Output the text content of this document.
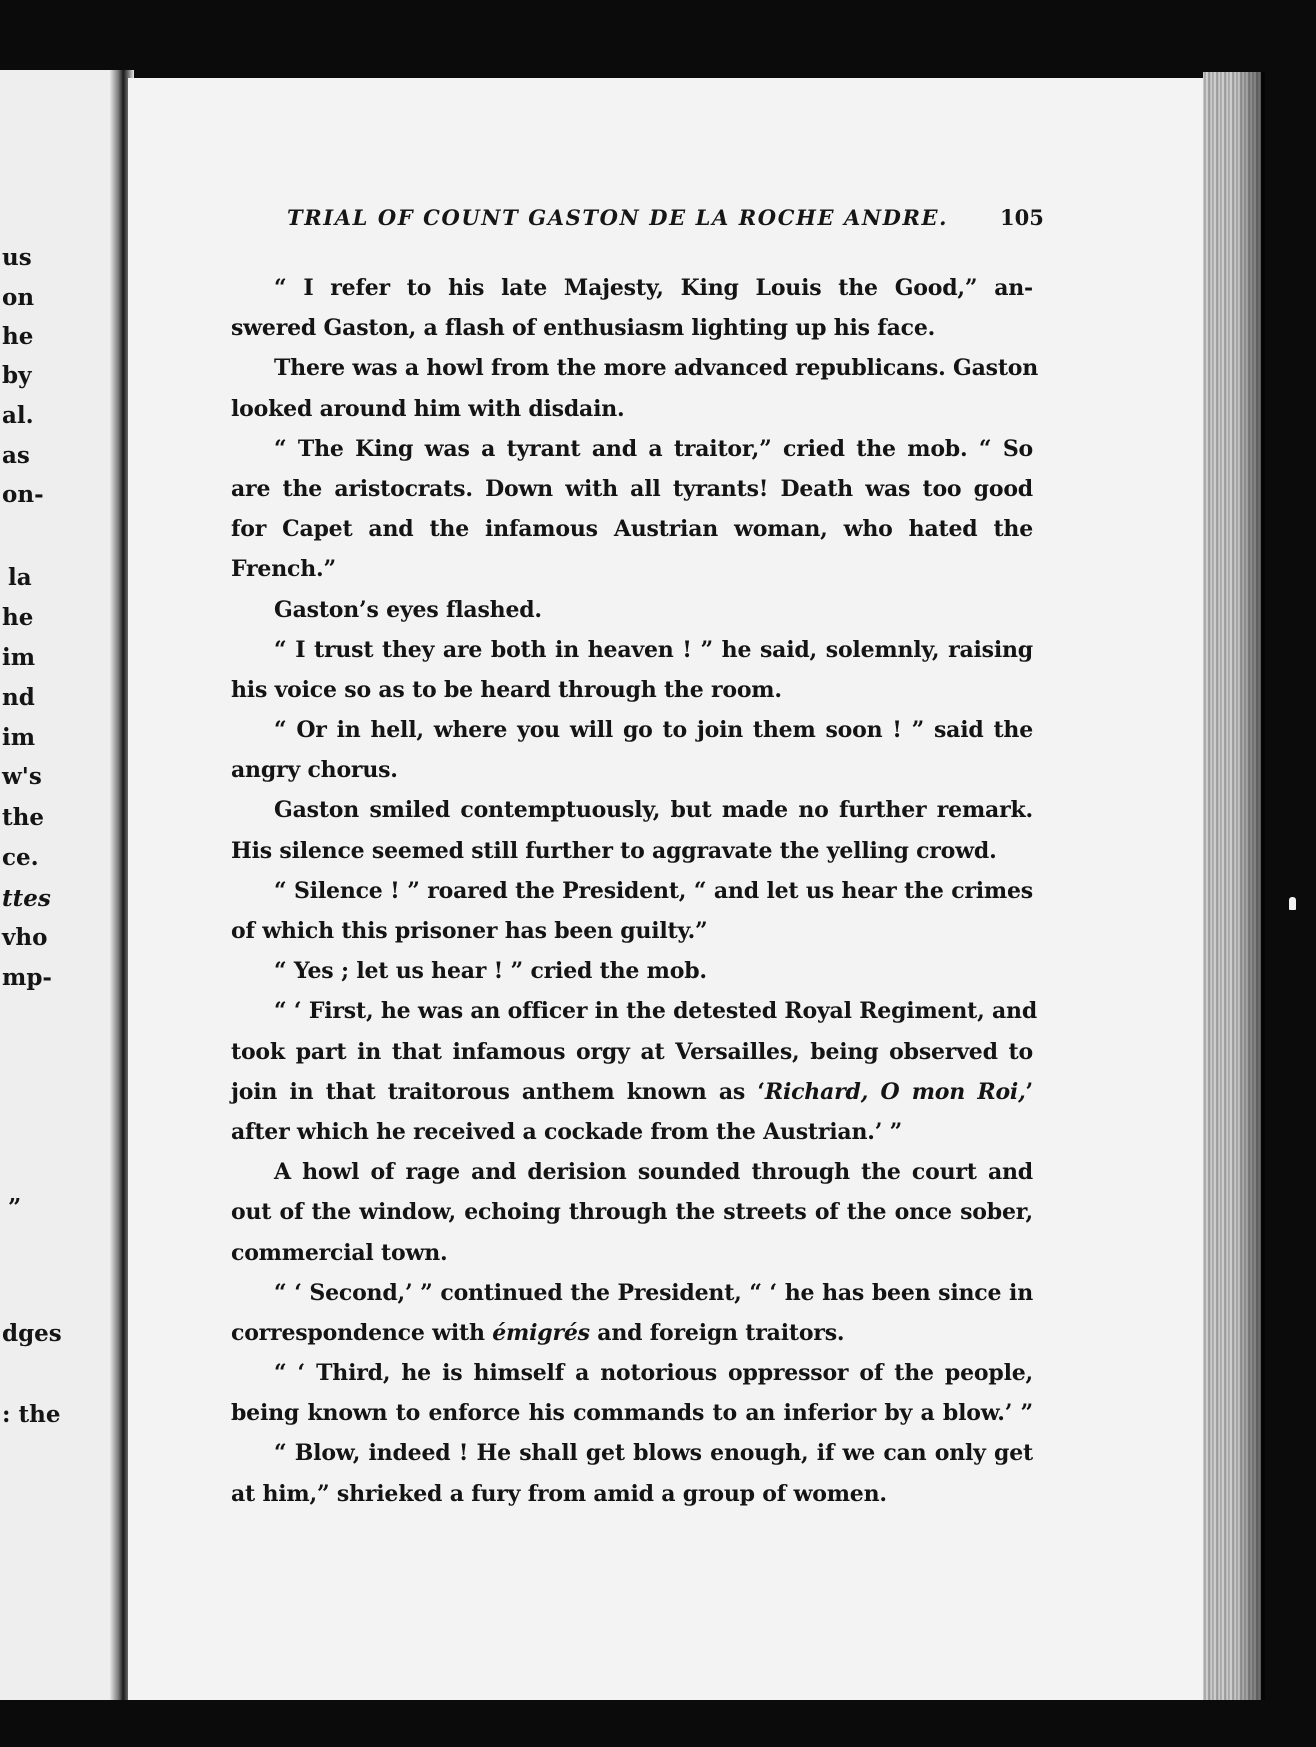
us
on
he
by
al.
as
on-
la
he
im
nd
im
w's
the
ce.
ttes
vho
mp-
”
dges
: the
TRIAL OF COUNT GASTON DE LA ROCHE ANDRE.	105
“ I refer to his late Majesty, King Louis the Good,” an-
swered Gaston, a flash of enthusiasm lighting up his face.
There was a howl from the more advanced republicans. Gaston
looked around him with disdain.
“ The King was a tyrant and a traitor,” cried the mob. “ So
are the aristocrats. Down with all tyrants! Death was too good
for Capet and the infamous Austrian woman, who hated the
French.”
Gaston’s eyes flashed.
“ I trust they are both in heaven ! ” he said, solemnly, raising
his voice so as to be heard through the room.
“ Or in hell, where you will go to join them soon ! ” said the
angry chorus.
Gaston smiled contemptuously, but made no further remark.
His silence seemed still further to aggravate the yelling crowd.
“ Silence ! ” roared the President, “ and let us hear the crimes
of which this prisoner has been guilty.”
“ Yes ; let us hear ! ” cried the mob.
“ ‘ First, he was an officer in the detested Royal Regiment, and
took part in that infamous orgy at Versailles, being observed to
join in that traitorous anthem known as ‘Richard, O mon Roi,’
after which he received a cockade from the Austrian.’ ”
A howl of rage and derision sounded through the court and
out of the window, echoing through the streets of the once sober,
commercial town.
“ ‘ Second,’ ” continued the President, “ ‘ he has been since in
correspondence with émigrés and foreign traitors.
“ ‘ Third, he is himself a notorious oppressor of the people,
being known to enforce his commands to an inferior by a blow.’ ”
“ Blow, indeed ! He shall get blows enough, if we can only get
at him,” shrieked a fury from amid a group of women.
